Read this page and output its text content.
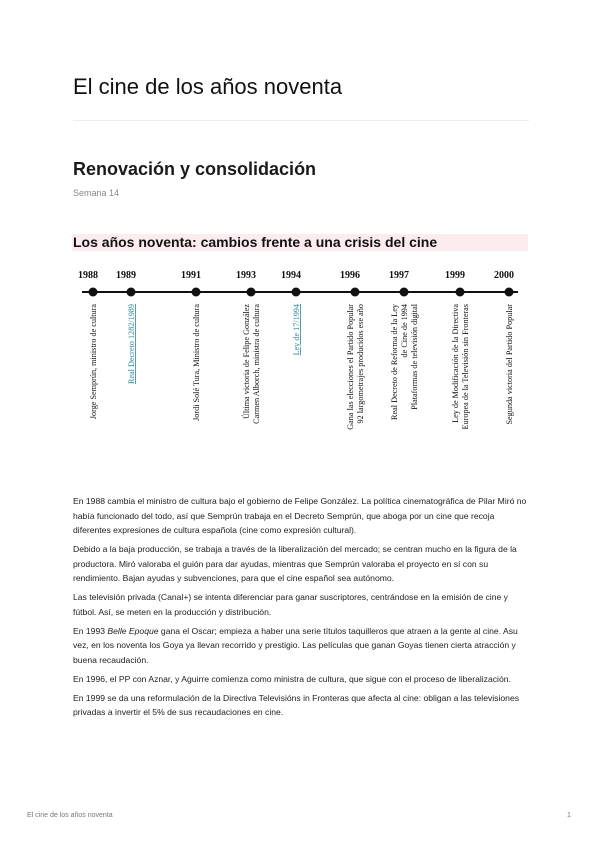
El cine de los años noventa
Renovación y consolidación
Semana 14
Los años noventa: cambios frente a una crisis del cine
1988
Jorge Semprún, ministro de cultura
1989
Real Decreto 1282/1989
1991
Jordi Solé Tura, Ministro de cultura
1993
Última victoria de Felipe González Carmen Alborch, ministra de cultura
1994
Ley de 17/1994
1996
Gana las elecciones el Partido Popular 92 largometrajes producidos ese año
1997
Real Decreto de Reforma de la Ley de Cine de 1994 Plataformas de televisión digital
1999
Ley de Modificación de la Directiva Europea de la Televisión sin Fronteras
2000
Segunda victoria del Partido Popular

En 1988 cambia el ministro de cultura bajo el gobierno de Felipe González. La política cinematográfica de Pilar Miró no había funcionado del todo, así que Semprún trabaja en el Decreto Semprún, que aboga por un cine que recoja diferentes expresiones de cultura española (cine como expresión cultural).

Debido a la baja producción, se trabaja a través de la liberalización del mercado; se centran mucho en la figura de la productora. Miró valoraba el guión para dar ayudas, mientras que Semprún valoraba el proyecto en sí con su rendimiento. Bajan ayudas y subvenciones, para que el cine español sea autónomo.

Las televisión privada (Canal+) se intenta diferenciar para ganar suscriptores, centrándose en la emisión de cine y fútbol. Así, se meten en la producción y distribución.

En 1993 Belle Epoque gana el Oscar; empieza a haber una serie títulos taquilleros que atraen a la gente al cine. Asu vez, en los noventa los Goya ya llevan recorrido y prestigio. Las películas que ganan Goyas tienen cierta atracción y buena recaudación.

En 1996, el PP con Aznar, y Aguirre comienza como ministra de cultura, que sigue con el proceso de liberalización.

En 1999 se da una reformulación de la Directiva Televisións in Fronteras que afecta al cine: obligan a las televisiones privadas a invertir el 5% de sus recaudaciones en cine.

El cine de los años noventa	1
